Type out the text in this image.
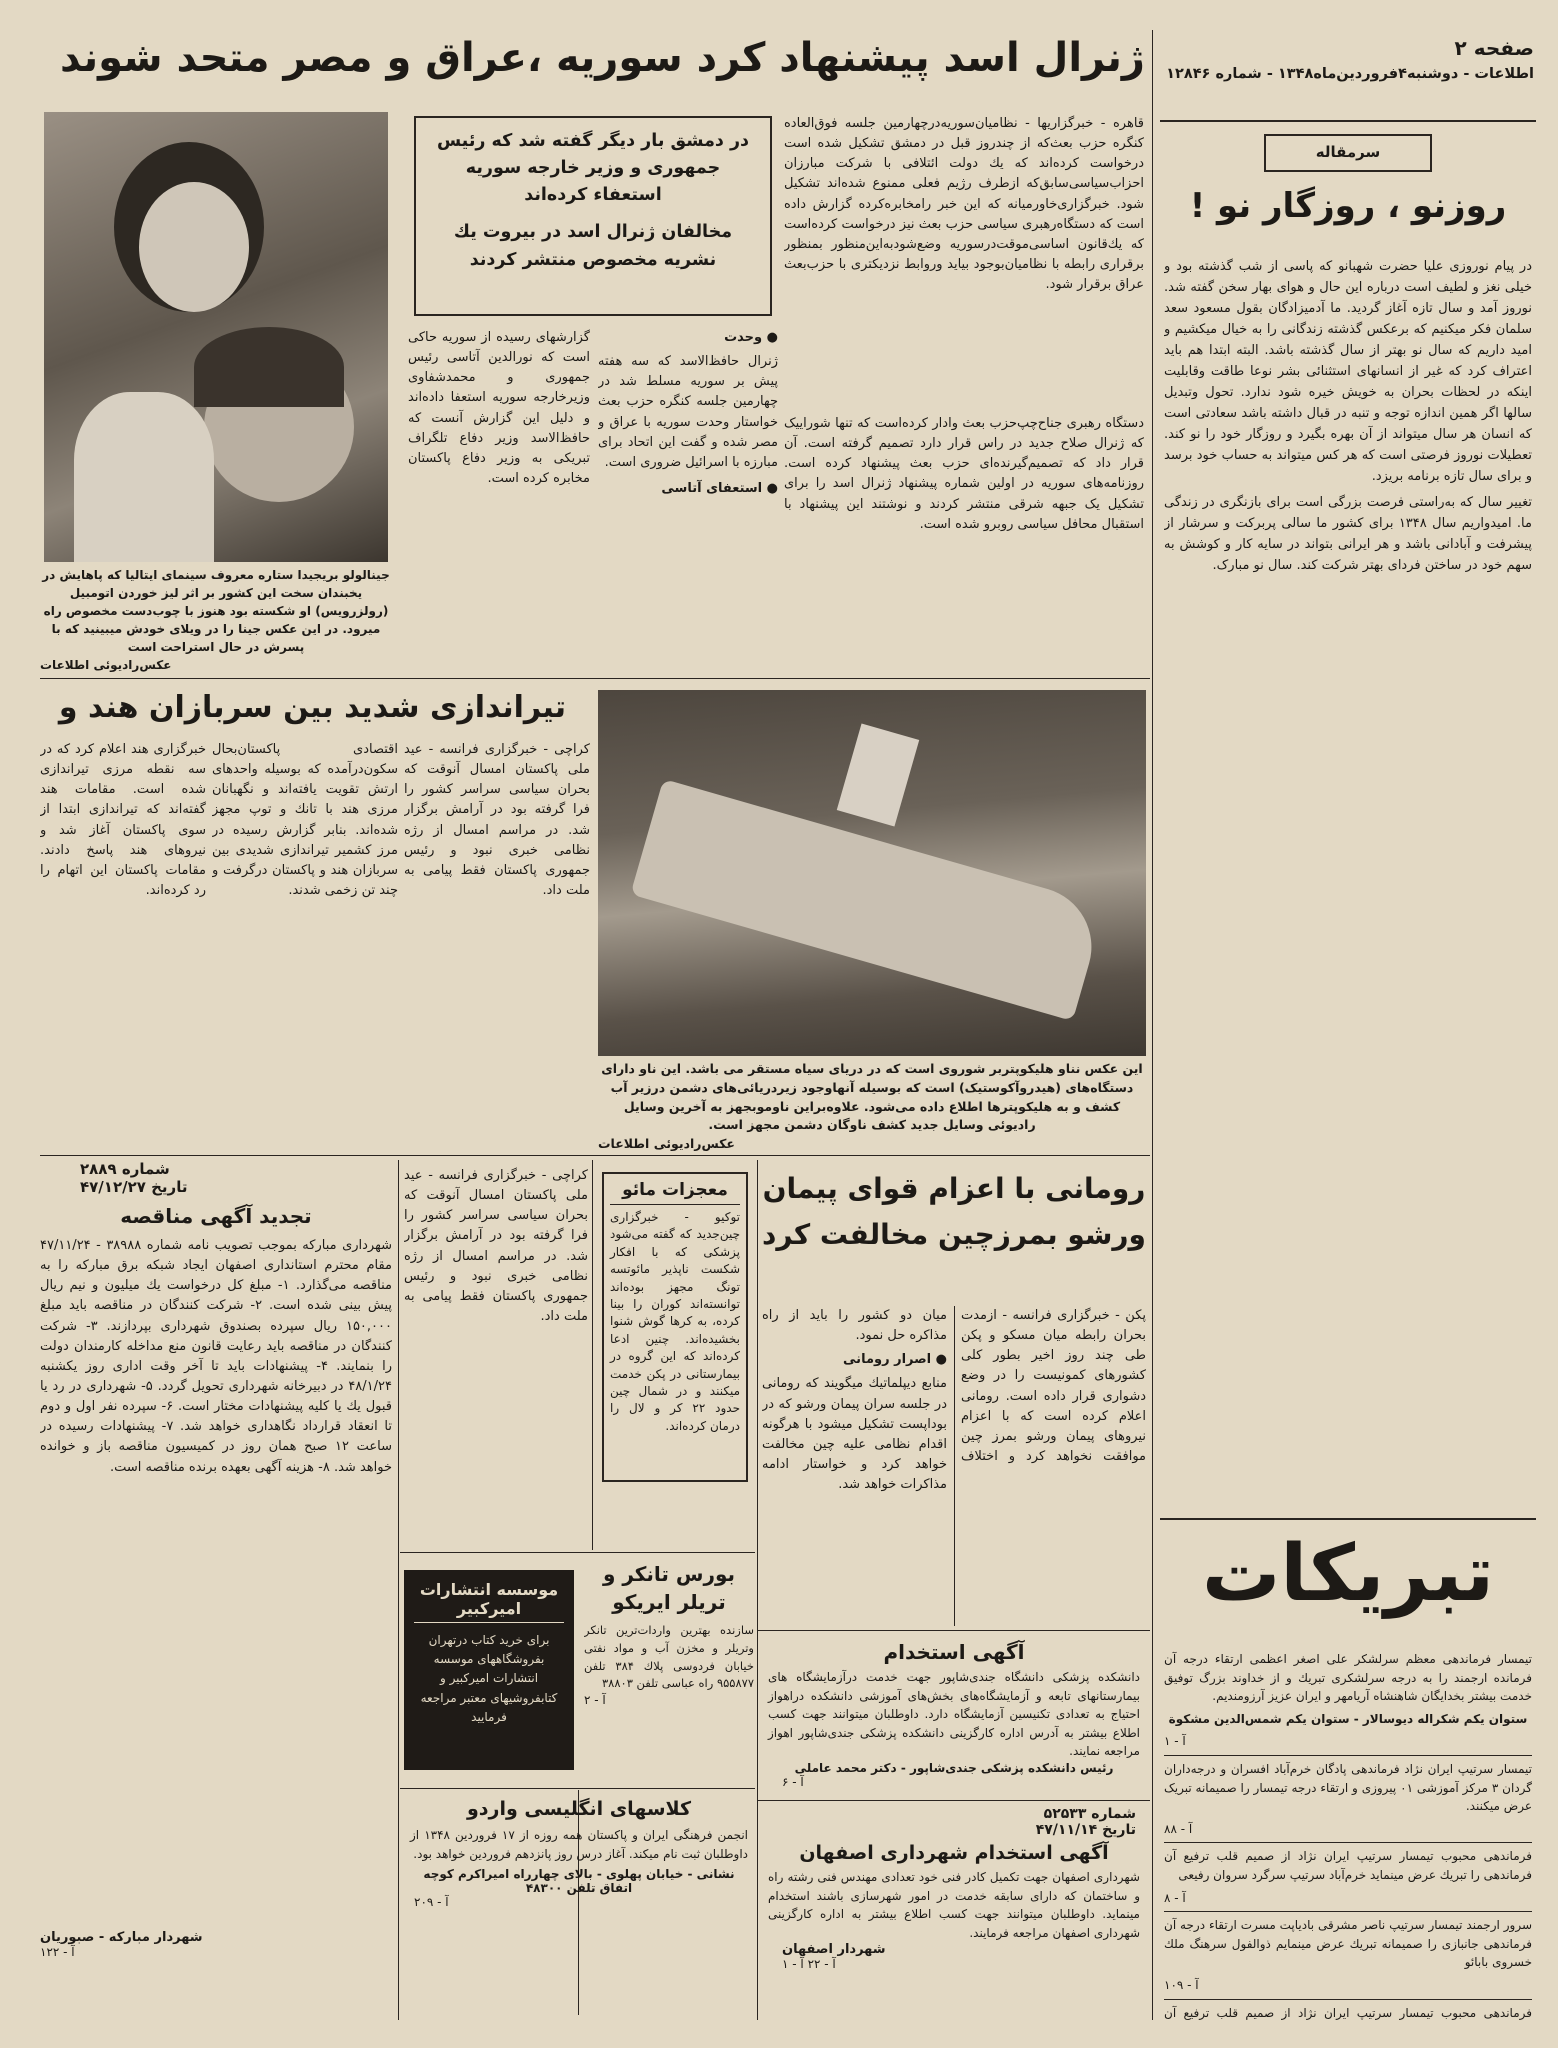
صفحه ۲
اطلاعات - دوشنبه۴فروردین‌ماه۱۳۴۸ - شماره ۱۲۸۴۶
سرمقاله
روزنو ، روزگار نو !

در پیام نوروزی علیا حضرت شهبانو که پاسی از شب گذشته بود و خیلی نغز و لطیف است درباره این حال و هوای بهار سخن گفته شد. نوروز آمد و سال تازه آغاز گردید. ما آدمیزادگان بقول مسعود سعد سلمان فکر میکنیم که برعکس گذشته زندگانی را به خیال میکشیم و امید داریم که سال نو بهتر از سال گذشته باشد. البته ابتدا هم باید اعتراف کرد که غیر از انسانهای استثنائی بشر نوعا طاقت وقابلیت اینکه در لحظات بحران به خویش خیره شود ندارد. تحول وتبدیل سالها اگر همین اندازه توجه و تنبه در قبال داشته باشد سعادتی است که انسان هر سال میتواند از آن بهره بگیرد و روزگار خود را نو کند. تعطیلات نوروز فرصتی است که هر کس میتواند به حساب خود برسد و برای سال تازه برنامه بریزد.

تغییر سال که به‌راستی فرصت بزرگی است برای بازنگری در زندگی ما. امیدواریم سال ۱۳۴۸ برای کشور ما سالی پربرکت و سرشار از پیشرفت و آبادانی باشد و هر ایرانی بتواند در سایه کار و کوشش به سهم خود در ساختن فردای بهتر شرکت کند. سال نو مبارک.

تبریکات

تیمسار فرماندهی معظم سرلشکر علی اصغر اعظمی ارتقاء درجه آن فرمانده ارجمند را به درجه سرلشکری تبریك و از خداوند بزرگ توفیق خدمت بیشتر بخدایگان شاهنشاه آریامهر و ایران عزیز آرزومندیم.

ستوان یکم شکراله دیوسالار - ستوان یکم شمس‌الدین مشکوة

آ - ۱

تیمسار سرتیپ ایران نژاد فرماندهی پادگان خرم‌آباد افسران و درجه‌داران گردان ۳ مرکز آموزشی ۰۱ پیروزی و ارتقاء درجه تیمسار را صمیمانه تبریک عرض میکنند.

آ - ۸۸

فرماندهی محبوب تیمسار سرتیپ ایران نژاد از صمیم قلب ترفیع آن فرماندهی را تبریك عرض مینماید خرم‌آباد سرتیپ سرگرد سروان رفیعی

آ - ۸

سرور ارجمند تیمسار سرتیپ ناصر مشرقی بادیاپت مسرت ارتقاء درجه آن فرماندهی جانبازی را صمیمانه تبریك عرض مینمایم ذوالفول سرهنگ ملك خسروی بابائو

آ - ۱۰۹

فرماندهی محبوب تیمسار سرتیپ ایران نژاد از صمیم قلب ترفیع آن

ژنرال اسد پیشنهاد کرد سوریه ،عراق و مصر متحد شوند
جینالولو بریجیدا ستاره معروف سینمای ایتالیا که پاهایش در یخبندان سخت این کشور بر اثر لیز خوردن اتومبیل (رولزرویس) او شکسته بود هنوز با چوب‌دست مخصوص راه میرود. در این عکس جینا را در ویلای خودش میبینید که با پسرش در حال استراحت است
عکس‌رادیوئی اطلاعات
در دمشق بار دیگر گفته شد که رئیس جمهوری و وزیر خارجه سوریه استعفاء کرده‌اند
مخالفان ژنرال اسد در بیروت یك نشریه مخصوص منتشر کردند
قاهره - خبرگزاریها - نظامیان‌سوریه‌درچهارمین جلسه فوق‌العاده کنگره حزب بعث‌که از چندروز قبل در دمشق تشکیل شده است درخواست کرده‌اند که یك دولت ائتلافی با شرکت مبارزان احزاب‌سیاسی‌سابق‌که ازطرف رژیم فعلی ممنوع شده‌اند تشکیل شود. خبرگزاری‌خاورمیانه که این خبر رامخابره‌کرده گزارش داده است که دستگاه‌رهبری سیاسی حزب بعث نیز درخواست کرده‌است که یك‌قانون اساسی‌موقت‌درسوریه وضع‌شودبه‌این‌منظور بمنظور برقراری رابطه با نظامیان‌بوجود بیاید وروابط نزدیکتری با حزب‌بعث عراق برقرار شود.
دستگاه رهبری جناح‌چپ‌حزب بعث وادار کرده‌است که تنها شوراییک که ژنرال صلاح جدید در راس قرار دارد تصمیم گرفته است. آن قرار داد که تصمیم‌گیرنده‌ای حزب بعث پیشنهاد کرده است. روزنامه‌های سوریه در اولین شماره پیشنهاد ژنرال اسد را برای تشکیل یک جبهه شرقی منتشر کردند و نوشتند این پیشنهاد با استقبال محافل سیاسی روبرو شده است.

● وحدت

ژنرال حافظ‌الاسد که سه هفته پیش بر سوریه مسلط شد در چهارمین جلسه کنگره حزب بعث خواستار وحدت سوریه با عراق و مصر شده و گفت این اتحاد برای مبارزه با اسرائیل ضروری است.

● استعفای آتاسی

گزارشهای رسیده از سوریه حاکی است که نورالدین آتاسی رئیس جمهوری و محمدشفاوی وزیرخارجه سوریه استعفا داده‌اند و دلیل این گزارش آنست که حافظ‌الاسد وزیر دفاع تلگراف تبریکی به وزیر دفاع پاکستان مخابره کرده است.
تیراندازی شدید بین سربازان هند و
کراچی - خبرگزاری فرانسه - عید ملی پاکستان امسال آنوقت که بحران سیاسی سراسر کشور را فرا گرفته بود در آرامش برگزار شد. در مراسم امسال از رژه نظامی خبری نبود و رئیس جمهوری پاکستان فقط پیامی به ملت داد.
اقتصادی پاکستان‌بحال سکون‌درآمده که بوسیله واحدهای ارتش تقویت یافته‌اند و نگهبانان مرزی هند با تانك و توپ مجهز شده‌اند. بنابر گزارش رسیده در مرز کشمیر تیراندازی شدیدی بین سربازان هند و پاکستان درگرفت و چند تن زخمی شدند.
خبرگزاری هند اعلام کرد که در سه نقطه مرزی تیراندازی شده است. مقامات هند گفته‌اند که تیراندازی ابتدا از سوی پاکستان آغاز شد و نیروهای هند پاسخ دادند. مقامات پاکستان این اتهام را رد کرده‌اند.
این عکس نناو هلیکوپتربر شوروی است که در دریای سیاه مستقر می باشد. این ناو دارای دستگاه‌های (هیدروآکوستیک) است که بوسیله آنهاوجود زیردریائی‌های دشمن درزیر آب کشف و به هلیکوپترها اطلاع داده می‌شود. علاوه‌براین ناوموبجهز به آخرین وسایل رادیوئی وسایل جدید کشف ناوگان دشمن مجهز است.
عکس‌رادیوئی اطلاعات
شماره ۲۸۸۹
تاریخ ۴۷/۱۲/۲۷
تجدید آگهی مناقصه
شهرداری مبارکه بموجب تصویب نامه شماره ۳۸۹۸۸ - ۴۷/۱۱/۲۴ مقام محترم استانداری اصفهان ایجاد شبکه برق مبارکه را به مناقصه می‌گذارد. ۱- مبلغ کل درخواست یك میلیون و نیم ریال پیش بینی شده است. ۲- شرکت کنندگان در مناقصه باید مبلغ ۱۵۰,۰۰۰ ریال سپرده بصندوق شهرداری بپردازند. ۳- شرکت کنندگان در مناقصه باید رعایت قانون منع مداخله کارمندان دولت را بنمایند. ۴- پیشنهادات باید تا آخر وقت اداری روز یکشنبه ۴۸/۱/۲۴ در دبیرخانه شهرداری تحویل گردد. ۵- شهرداری در رد یا قبول یك یا کلیه پیشنهادات مختار است. ۶- سپرده نفر اول و دوم تا انعقاد قرارداد نگاهداری خواهد شد. ۷- پیشنهادات رسیده در ساعت ۱۲ صبح همان روز در کمیسیون مناقصه باز و خوانده خواهد شد. ۸- هزینه آگهی بعهده برنده مناقصه است.
شهردار مبارکه - صبوریان
آ - ۱۲۲
رومانی با اعزام قوای پیمان ورشو بمرزچین مخالفت کرد

پکن - خبرگزاری فرانسه - ازمدت بحران رابطه میان مسکو و پکن طی چند روز اخیر بطور کلی کشورهای کمونیست را در وضع دشواری قرار داده است. رومانی اعلام کرده است که با اعزام نیروهای پیمان ورشو بمرز چین موافقت نخواهد کرد و اختلاف میان دو کشور را باید از راه مذاکره حل نمود.

● اصرار رومانی

منابع دیپلماتیك میگویند که رومانی در جلسه سران پیمان ورشو که در بوداپست تشکیل میشود با هرگونه اقدام نظامی علیه چین مخالفت خواهد کرد و خواستار ادامه مذاکرات خواهد شد.

معجزات مائو
توکیو - خبرگزاری چین‌جدید که گفته می‌شود پزشکی که با افکار شکست ناپذیر مائوتسه تونگ مجهز بوده‌اند توانسته‌اند کوران را بینا کرده، به کرها گوش شنوا بخشیده‌اند. چنین ادعا کرده‌اند که این گروه در بیمارستانی در پکن خدمت میکنند و در شمال چین حدود ۲۲ کر و لال را درمان کرده‌اند.
کراچی - خبرگزاری فرانسه - عید ملی پاکستان امسال آنوقت که بحران سیاسی سراسر کشور را فرا گرفته بود در آرامش برگزار شد. در مراسم امسال از رژه نظامی خبری نبود و رئیس جمهوری پاکستان فقط پیامی به ملت داد.
آگهی استخدام
دانشکده پزشکی دانشگاه جندی‌شاپور جهت خدمت درآزمایشگاه های بیمارستانهای تابعه و آزمایشگاه‌های بخش‌های آموزشی دانشکده دراهواز احتیاج به تعدادی تکنیسین آزمایشگاه دارد. داوطلبان میتوانند جهت کسب اطلاع بیشتر به آدرس اداره کارگزینی دانشکده پزشکی جندی‌شاپور اهواز مراجعه نمایند.
رئیس دانشکده پزشکی جندی‌شاپور - دکتر محمد عاملی
آ - ۶
شماره ۵۲۵۳۳
تاریخ ۴۷/۱۱/۱۴
آگهی استخدام شهرداری اصفهان
شهرداری اصفهان جهت تکمیل کادر فنی خود تعدادی مهندس فنی رشته راه و ساختمان که دارای سابقه خدمت در امور شهرسازی باشند استخدام مینماید. داوطلبان میتوانند جهت کسب اطلاع بیشتر به اداره کارگزینی شهرداری اصفهان مراجعه فرمایند.
شهردار اصفهان
آ - ۲۲ آ - ۱
بورس تانکر و تریلر ایریکو
سازنده بهترین واردات‌ترین تانکر وتریلر و مخزن آب و مواد نفتی خیابان فردوسی پلاك ۳۸۴ تلفن ۹۵۵۸۷۷ راه عباسی تلفن ۳۸۸۰۳
آ - ۲
موسسه انتشارات امیرکبیر
برای خرید کتاب درتهران بفروشگاههای موسسه انتشارات امیرکبیر و کتابفروشیهای معتبر مراجعه فرمایید
کلاسهای انگلیسی واردو
انجمن فرهنگی ایران و پاکستان همه روزه از ۱۷ فروردین ۱۳۴۸ از داوطلبان ثبت نام میکند. آغاز درس روز پانزدهم فروردین خواهد بود.
نشانی - خیابان پهلوی - بالای چهارراه امیراکرم کوچه اتفاق تلفن ۴۸۳۰۰
آ - ۲۰۹
